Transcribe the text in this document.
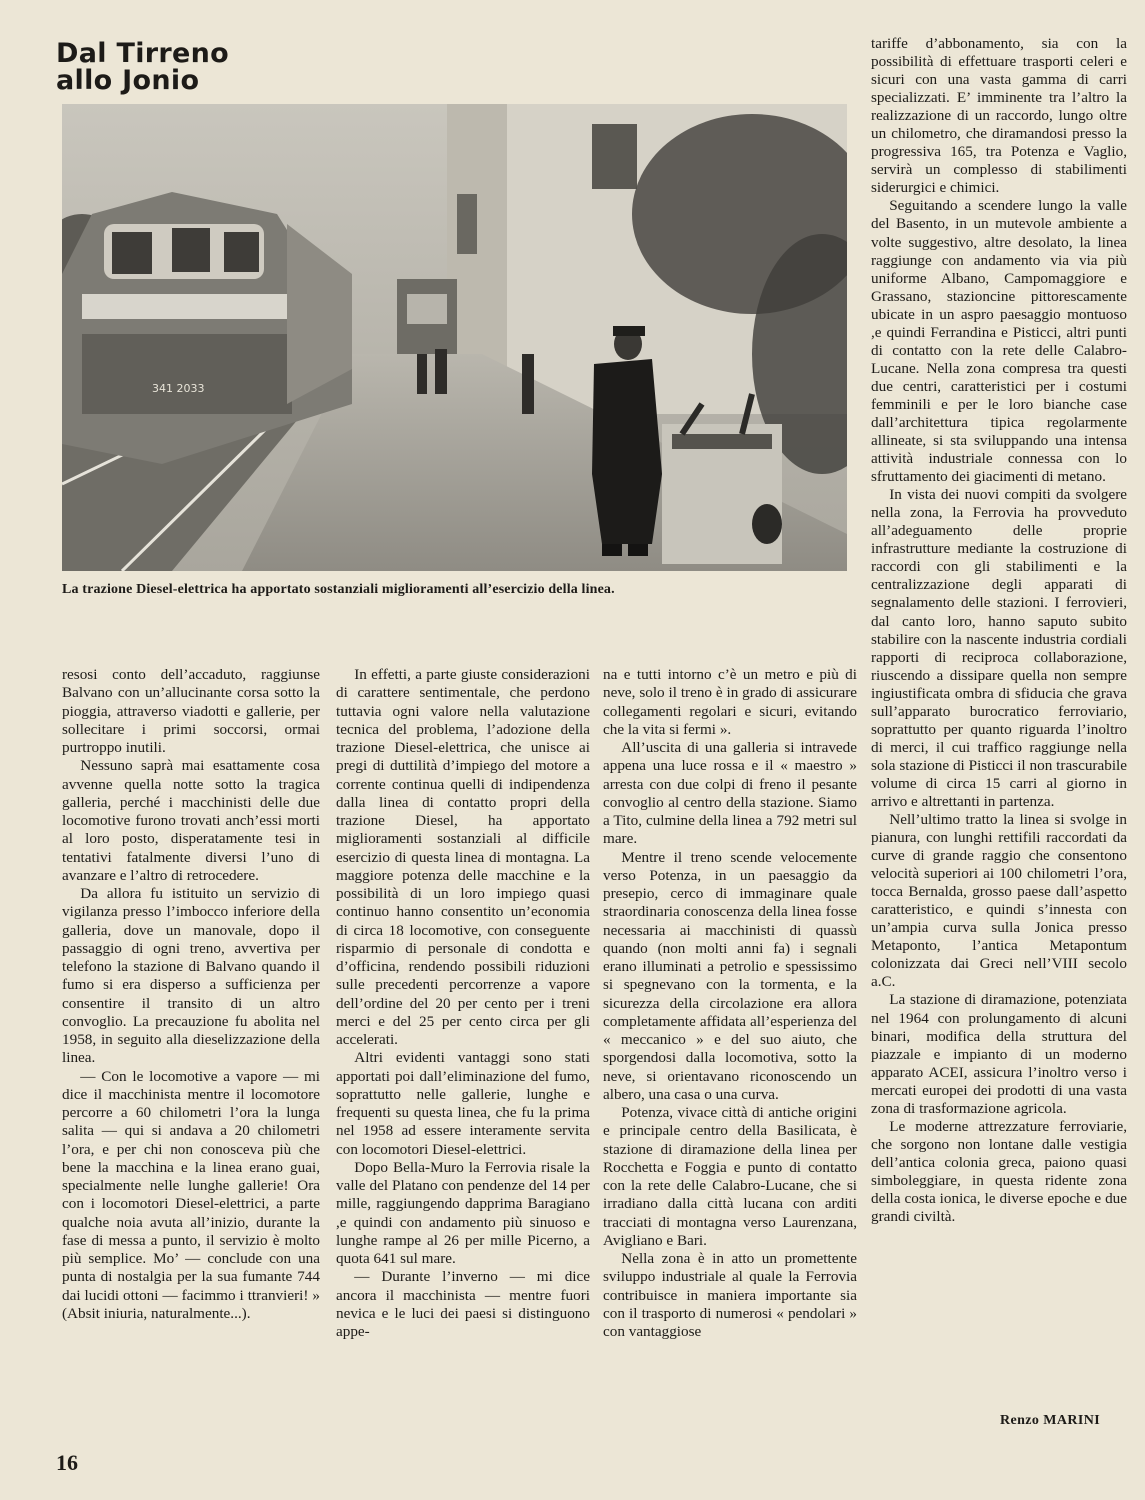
Dal Tirreno
allo Jonio
341 2033
La trazione Diesel-elettrica ha apportato sostanziali miglioramenti all’esercizio della linea.

resosi conto dell’accaduto, raggiunse Balvano con un’allucinante corsa sotto la pioggia, attraverso viadotti e gallerie, per sollecitare i primi soccorsi, ormai purtroppo inutili.

Nessuno saprà mai esattamente cosa avvenne quella notte sotto la tragica galleria, perché i macchinisti delle due locomotive furono trovati anch’essi morti al loro posto, disperatamente tesi in tentativi fatalmente diversi l’uno di avanzare e l’altro di retrocedere.

Da allora fu istituito un servizio di vigilanza presso l’imbocco inferiore della galleria, dove un manovale, dopo il passaggio di ogni treno, avvertiva per telefono la stazione di Balvano quando il fumo si era disperso a sufficienza per consentire il transito di un altro convoglio. La precauzione fu abolita nel 1958, in seguito alla dieselizzazione della linea.

— Con le locomotive a vapore — mi dice il macchinista mentre il locomotore percorre a 60 chilometri l’ora la lunga salita — qui si andava a 20 chilometri l’ora, e per chi non conosceva più che bene la macchina e la linea erano guai, specialmente nelle lunghe gallerie! Ora con i locomotori Diesel-elettrici, a parte qualche noia avuta all’inizio, durante la fase di messa a punto, il servizio è molto più semplice. Mo’ — conclude con una punta di nostalgia per la sua fumante 744 dai lucidi ottoni — facimmo i ttranvieri! » (Absit iniuria, naturalmente...).

In effetti, a parte giuste considerazioni di carattere sentimentale, che perdono tuttavia ogni valore nella valutazione tecnica del problema, l’adozione della trazione Diesel-elettrica, che unisce ai pregi di duttilità d’impiego del motore a corrente continua quelli di indipendenza dalla linea di contatto propri della trazione Diesel, ha apportato miglioramenti sostanziali al difficile esercizio di questa linea di montagna. La maggiore potenza delle macchine e la possibilità di un loro impiego quasi continuo hanno consentito un’economia di circa 18 locomotive, con conseguente risparmio di personale di condotta e d’officina, rendendo possibili riduzioni sulle precedenti percorrenze a vapore dell’ordine del 20 per cento per i treni merci e del 25 per cento circa per gli accelerati.

Altri evidenti vantaggi sono stati apportati poi dall’eliminazione del fumo, soprattutto nelle gallerie, lunghe e frequenti su questa linea, che fu la prima nel 1958 ad essere interamente servita con locomotori Diesel-elettrici.

Dopo Bella-Muro la Ferrovia risale la valle del Platano con pendenze del 14 per mille, raggiungendo dapprima Baragiano ,e quindi con andamento più sinuoso e lunghe rampe al 26 per mille Picerno, a quota 641 sul mare.

— Durante l’inverno — mi dice ancora il macchinista — mentre fuori nevica e le luci dei paesi si distinguono appe-

na e tutti intorno c’è un metro e più di neve, solo il treno è in grado di assicurare collegamenti regolari e sicuri, evitando che la vita si fermi ».

All’uscita di una galleria si intravede appena una luce rossa e il « maestro » arresta con due colpi di freno il pesante convoglio al centro della stazione. Siamo a Tito, culmine della linea a 792 metri sul mare.

Mentre il treno scende velocemente verso Potenza, in un paesaggio da presepio, cerco di immaginare quale straordinaria conoscenza della linea fosse necessaria ai macchinisti di quassù quando (non molti anni fa) i segnali erano illuminati a petrolio e spessissimo si spegnevano con la tormenta, e la sicurezza della circolazione era allora completamente affidata all’esperienza del « meccanico » e del suo aiuto, che sporgendosi dalla locomotiva, sotto la neve, si orientavano riconoscendo un albero, una casa o una curva.

Potenza, vivace città di antiche origini e principale centro della Basilicata, è stazione di diramazione della linea per Rocchetta e Foggia e punto di contatto con la rete delle Calabro-Lucane, che si irradiano dalla città lucana con arditi tracciati di montagna verso Laurenzana, Avigliano e Bari.

Nella zona è in atto un promettente sviluppo industriale al quale la Ferrovia contribuisce in maniera importante sia con il trasporto di numerosi « pendolari » con vantaggiose

tariffe d’abbonamento, sia con la possibilità di effettuare trasporti celeri e sicuri con una vasta gamma di carri specializzati. E’ imminente tra l’altro la realizzazione di un raccordo, lungo oltre un chilometro, che diramandosi presso la progressiva 165, tra Potenza e Vaglio, servirà un complesso di stabilimenti siderurgici e chimici.

Seguitando a scendere lungo la valle del Basento, in un mutevole ambiente a volte suggestivo, altre desolato, la linea raggiunge con andamento via via più uniforme Albano, Campomaggiore e Grassano, stazioncine pittorescamente ubicate in un aspro paesaggio montuoso ,e quindi Ferrandina e Pisticci, altri punti di contatto con la rete delle Calabro-Lucane. Nella zona compresa tra questi due centri, caratteristici per i costumi femminili e per le loro bianche case dall’architettura tipica regolarmente allineate, si sta sviluppando una intensa attività industriale connessa con lo sfruttamento dei giacimenti di metano.

In vista dei nuovi compiti da svolgere nella zona, la Ferrovia ha provveduto all’adeguamento delle proprie infrastrutture mediante la costruzione di raccordi con gli stabilimenti e la centralizzazione degli apparati di segnalamento delle stazioni. I ferrovieri, dal canto loro, hanno saputo subito stabilire con la nascente industria cordiali rapporti di reciproca collaborazione, riuscendo a dissipare quella non sempre ingiustificata ombra di sfiducia che grava sull’apparato burocratico ferroviario, soprattutto per quanto riguarda l’inoltro di merci, il cui traffico raggiunge nella sola stazione di Pisticci il non trascurabile volume di circa 15 carri al giorno in arrivo e altrettanti in partenza.

Nell’ultimo tratto la linea si svolge in pianura, con lunghi rettifili raccordati da curve di grande raggio che consentono velocità superiori ai 100 chilometri l’ora, tocca Bernalda, grosso paese dall’aspetto caratteristico, e quindi s’innesta con un’ampia curva sulla Jonica presso Metaponto, l’antica Metapontum colonizzata dai Greci nell’VIII secolo a.C.

La stazione di diramazione, potenziata nel 1964 con prolungamento di alcuni binari, modifica della struttura del piazzale e impianto di un moderno apparato ACEI, assicura l’inoltro verso i mercati europei dei prodotti di una vasta zona di trasformazione agricola.

Le moderne attrezzature ferroviarie, che sorgono non lontane dalle vestigia dell’antica colonia greca, paiono quasi simboleggiare, in questa ridente zona della costa ionica, le diverse epoche e due grandi civiltà.

Renzo MARINI
16
